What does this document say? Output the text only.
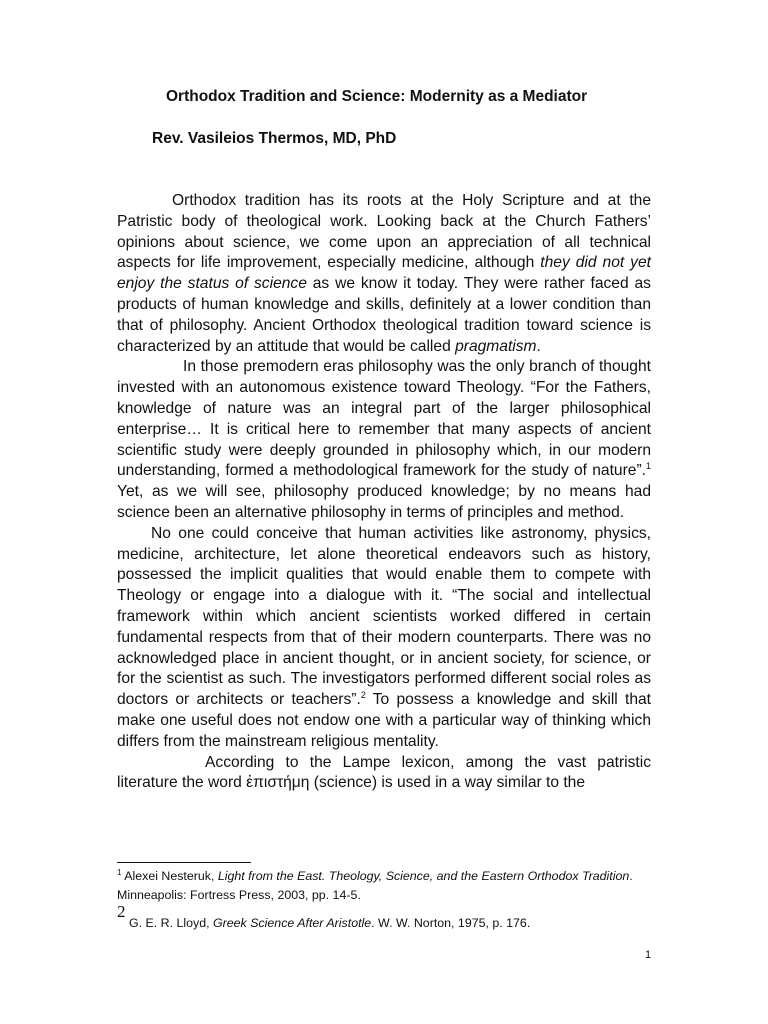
Orthodox Tradition and Science: Modernity as a Mediator
Rev. Vasileios Thermos, MD, PhD

Orthodox tradition has its roots at the Holy Scripture and at the Patristic body of theological work. Looking back at the Church Fathers’ opinions about science, we come upon an appreciation of all technical aspects for life improvement, especially medicine, although they did not yet enjoy the status of science as we know it today. They were rather faced as products of human knowledge and skills, definitely at a lower condition than that of philosophy. Ancient Orthodox theological tradition toward science is characterized by an attitude that would be called pragmatism.

In those premodern eras philosophy was the only branch of thought invested with an autonomous existence toward Theology. “For the Fathers, knowledge of nature was an integral part of the larger philosophical enterprise… It is critical here to remember that many aspects of ancient scientific study were deeply grounded in philosophy which, in our modern understanding, formed a methodological framework for the study of nature”.$^1$ Yet, as we will see, philosophy produced knowledge; by no means had science been an alternative philosophy in terms of principles and method.

No one could conceive that human activities like astronomy, physics, medicine, architecture, let alone theoretical endeavors such as history, possessed the implicit qualities that would enable them to compete with Theology or engage into a dialogue with it. “The social and intellectual framework within which ancient scientists worked differed in certain fundamental respects from that of their modern counterparts. There was no acknowledged place in ancient thought, or in ancient society, for science, or for the scientist as such. The investigators performed different social roles as doctors or architects or teachers”.$^2$ To possess a knowledge and skill that make one useful does not endow one with a particular way of thinking which differs from the mainstream religious mentality.

According to the Lampe lexicon, among the vast patristic literature the word ἐπιστήμη (science) is used in a way similar to the

$^1$ Alexei Nesteruk, Light from the East. Theology, Science, and the Eastern Orthodox Tradition. Minneapolis: Fortress Press, 2003, pp. 14-5.

2
G. E. R. Lloyd, Greek Science After Aristotle. W. W. Norton, 1975, p. 176.
1
